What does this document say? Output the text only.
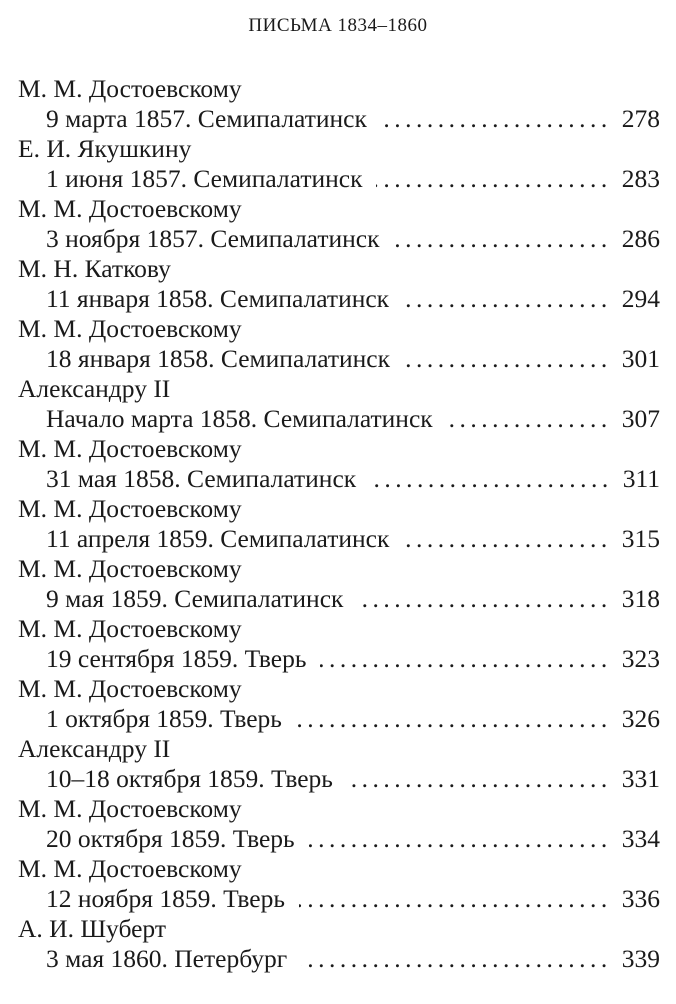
ПИСЬМА 1834–1860
М. М. Достоевскому
9 марта 1857. Семипалатинск .....	278
Е. И. Якушкину
1 июня 1857. Семипалатинск .....	283
М. М. Достоевскому
3 ноября 1857. Семипалатинск .....	286
М. Н. Каткову
11 января 1858. Семипалатинск .....	294
М. М. Достоевскому
18 января 1858. Семипалатинск .....	301
Александру II
Начало марта 1858. Семипалатинск .....	307
М. М. Достоевскому
31 мая 1858. Семипалатинск .....	311
М. М. Достоевскому
11 апреля 1859. Семипалатинск .....	315
М. М. Достоевскому
9 мая 1859. Семипалатинск .....	318
М. М. Достоевскому
19 сентября 1859. Тверь .....	323
М. М. Достоевскому
1 октября 1859. Тверь .....	326
Александру II
10–18 октября 1859. Тверь .....	331
М. М. Достоевскому
20 октября 1859. Тверь .....	334
М. М. Достоевскому
12 ноября 1859. Тверь .....	336
А. И. Шуберт
3 мая 1860. Петербург .....	339
